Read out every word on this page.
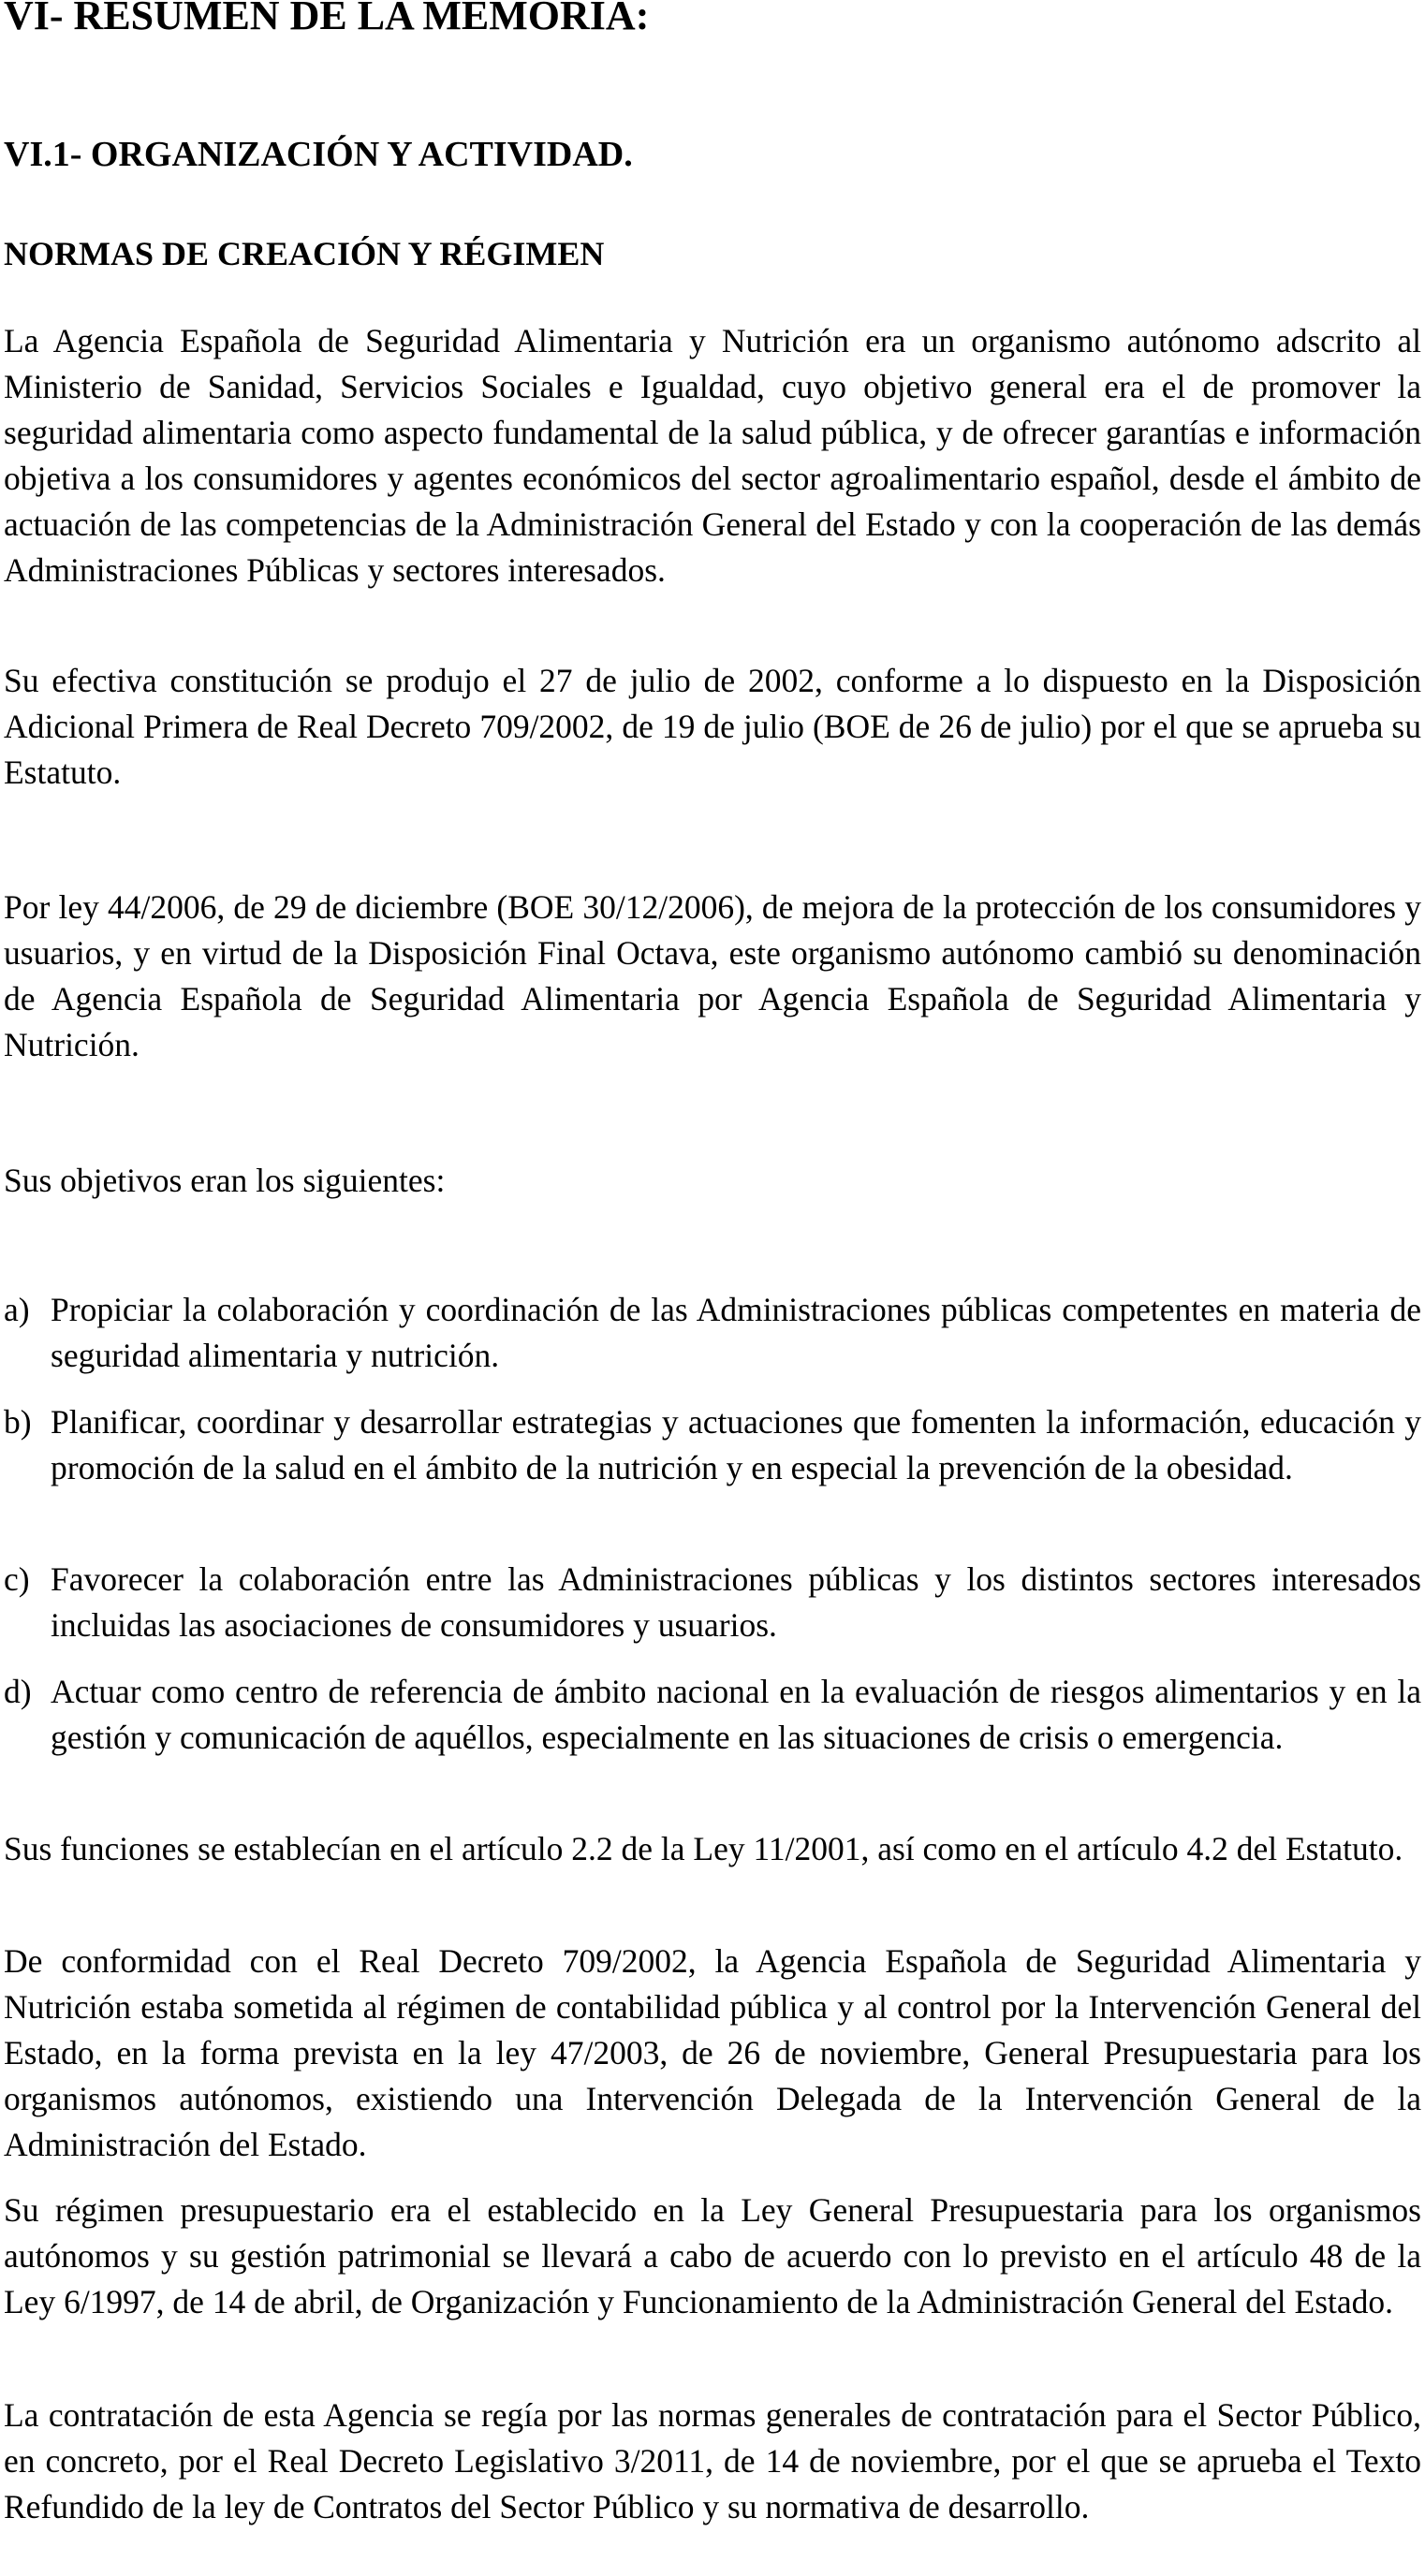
VI- RESUMEN DE LA MEMORIA:
VI.1- ORGANIZACIÓN Y ACTIVIDAD.
NORMAS DE CREACIÓN Y RÉGIMEN

La Agencia Española de Seguridad Alimentaria y Nutrición era un organismo autónomo adscrito al Ministerio de Sanidad, Servicios Sociales e Igualdad, cuyo objetivo general era el de promover la seguridad alimentaria como aspecto fundamental de la salud pública, y de ofrecer garantías e información objetiva a los consumidores y agentes económicos del sector agroalimentario español, desde el ámbito de actuación de las competencias de la Administración General del Estado y con la cooperación de las demás Administraciones Públicas y sectores interesados.

Su efectiva constitución se produjo el 27 de julio de 2002, conforme a lo dispuesto en la Disposición Adicional Primera de Real Decreto 709/2002, de 19 de julio (BOE de 26 de julio) por el que se aprueba su Estatuto.

Por ley 44/2006, de 29 de diciembre (BOE 30/12/2006), de mejora de la protección de los consumidores y usuarios, y en virtud de la Disposición Final Octava, este organismo autónomo cambió su denominación de Agencia Española de Seguridad Alimentaria por Agencia Española de Seguridad Alimentaria y Nutrición.

Sus objetivos eran los siguientes:

a) Propiciar la colaboración y coordinación de las Administraciones públicas competentes en materia de seguridad alimentaria y nutrición.
b) Planificar, coordinar y desarrollar estrategias y actuaciones que fomenten la información, educación y promoción de la salud en el ámbito de la nutrición y en especial la prevención de la obesidad.
c) Favorecer la colaboración entre las Administraciones públicas y los distintos sectores interesados incluidas las asociaciones de consumidores y usuarios.
d) Actuar como centro de referencia de ámbito nacional en la evaluación de riesgos alimentarios y en la gestión y comunicación de aquéllos, especialmente en las situaciones de crisis o emergencia.

Sus funciones se establecían en el artículo 2.2 de la Ley 11/2001, así como en el artículo 4.2 del Estatuto.

De conformidad con el Real Decreto 709/2002, la Agencia Española de Seguridad Alimentaria y Nutrición estaba sometida al régimen de contabilidad pública y al control por la Intervención General del Estado, en la forma prevista en la ley 47/2003, de 26 de noviembre, General Presupuestaria para los organismos autónomos, existiendo una Intervención Delegada de la Intervención General de la Administración del Estado.

Su régimen presupuestario era el establecido en la Ley General Presupuestaria para los organismos autónomos y su gestión patrimonial se llevará a cabo de acuerdo con lo previsto en el artículo 48 de la Ley 6/1997, de 14 de abril, de Organización y Funcionamiento de la Administración General del Estado.

La contratación de esta Agencia se regía por las normas generales de contratación para el Sector Público, en concreto, por el Real Decreto Legislativo 3/2011, de 14 de noviembre, por el que se aprueba el Texto Refundido de la ley de Contratos del Sector Público y su normativa de desarrollo.
